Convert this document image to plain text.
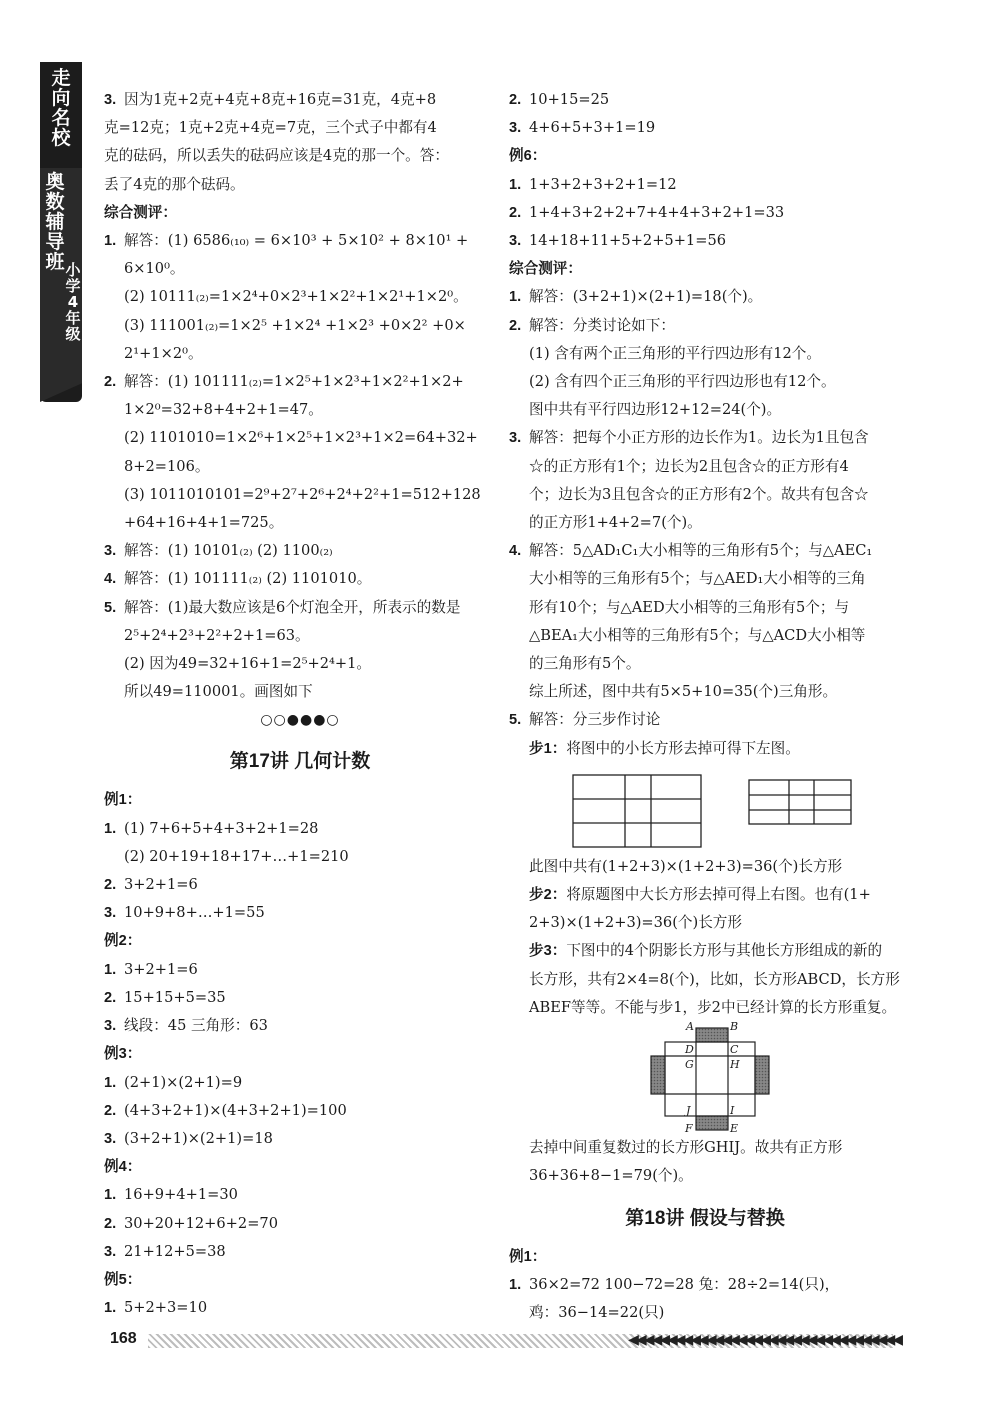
走向名校
奥数辅导班 小学4年级
3. 因为1克+2克+4克+8克+16克=31克，4克+8
克=12克；1克+2克+4克=7克，三个式子中都有4
克的砝码，所以丢失的砝码应该是4克的那一个。答：
丢了4克的那个砝码。
综合测评：
1. 解答：(1) 6586₍₁₀₎ = 6×10³ + 5×10² + 8×10¹ +
6×10⁰。
(2) 10111₍₂₎=1×2⁴+0×2³+1×2²+1×2¹+1×2⁰。
(3) 111001₍₂₎=1×2⁵ +1×2⁴ +1×2³ +0×2² +0×
2¹+1×2⁰。
2. 解答：(1) 101111₍₂₎=1×2⁵+1×2³+1×2²+1×2+
1×2⁰=32+8+4+2+1=47。
(2) 1101010=1×2⁶+1×2⁵+1×2³+1×2=64+32+
8+2=106。
(3) 1011010101=2⁹+2⁷+2⁶+2⁴+2²+1=512+128
+64+16+4+1=725。
3. 解答：(1) 10101₍₂₎ (2) 1100₍₂₎
4. 解答：(1) 101111₍₂₎ (2) 1101010。
5. 解答：(1)最大数应该是6个灯泡全开，所表示的数是
2⁵+2⁴+2³+2²+2+1=63。
(2) 因为49=32+16+1=2⁵+2⁴+1。
所以49=110001。画图如下
○○●●●○
第17讲 几何计数
例1：
1. (1) 7+6+5+4+3+2+1=28
(2) 20+19+18+17+…+1=210
2. 3+2+1=6
3. 10+9+8+…+1=55
例2：
1. 3+2+1=6
2. 15+15+5=35
3. 线段：45 三角形：63
例3：
1. (2+1)×(2+1)=9
2. (4+3+2+1)×(4+3+2+1)=100
3. (3+2+1)×(2+1)=18
例4：
1. 16+9+4+1=30
2. 30+20+12+6+2=70
3. 21+12+5=38
例5：
1. 5+2+3=10
2. 10+15=25
3. 4+6+5+3+1=19
例6：
1. 1+3+2+3+2+1=12
2. 1+4+3+2+2+7+4+4+3+2+1=33
3. 14+18+11+5+2+5+1=56
综合测评：
1. 解答：(3+2+1)×(2+1)=18(个)。
2. 解答：分类讨论如下：
(1) 含有两个正三角形的平行四边形有12个。
(2) 含有四个正三角形的平行四边形也有12个。
图中共有平行四边形12+12=24(个)。
3. 解答：把每个小正方形的边长作为1。边长为1且包含
☆的正方形有1个；边长为2且包含☆的正方形有4
个；边长为3且包含☆的正方形有2个。故共有包含☆
的正方形1+4+2=7(个)。
4. 解答：5△AD₁C₁大小相等的三角形有5个；与△AEC₁
大小相等的三角形有5个；与△AED₁大小相等的三角
形有10个；与△AED大小相等的三角形有5个；与
△BEA₁大小相等的三角形有5个；与△ACD大小相等
的三角形有5个。
综上所述，图中共有5×5+10=35(个)三角形。
5. 解答：分三步作讨论
步1：将图中的小长方形去掉可得下左图。
此图中共有(1+2+3)×(1+2+3)=36(个)长方形
步2：将原题图中大长方形去掉可得上右图。也有(1+
2+3)×(1+2+3)=36(个)长方形
步3：下图中的4个阴影长方形与其他长方形组成的新的
长方形，共有2×4=8(个)，比如，长方形ABCD，长方形
ABEF等等。不能与步1，步2中已经计算的长方形重复。
A	B
D	C
G	H
J	I
F	E
去掉中间重复数过的长方形GHIJ。故共有正方形
36+36+8−1=79(个)。
第18讲 假设与替换
例1：
1. 36×2=72 100−72=28 兔：28÷2=14(只)，
鸡：36−14=22(只)
168	◀◀◀◀◀◀◀◀◀◀◀◀◀◀◀◀◀◀◀◀◀◀◀◀◀◀◀◀◀◀◀◀◀◀◀
